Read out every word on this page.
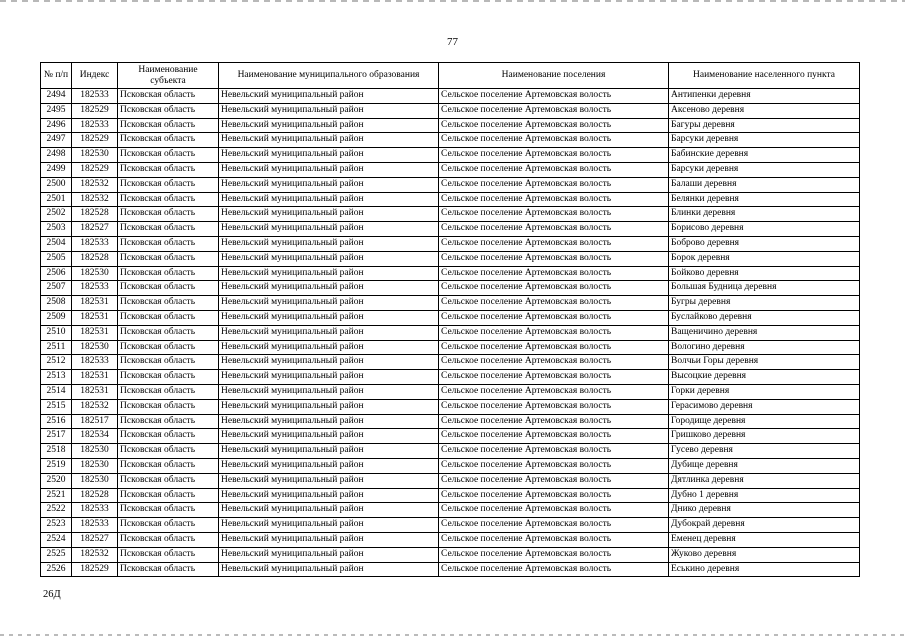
77
№ п/п	Индекс	Наименование субъекта	Наименование муниципального образования	Наименование поселения	Наименование населенного пункта
2494	182533	Псковская область	Невельский муниципальный район	Сельское поселение Артемовская волость	Антипенки деревня
2495	182529	Псковская область	Невельский муниципальный район	Сельское поселение Артемовская волость	Аксеново деревня
2496	182533	Псковская область	Невельский муниципальный район	Сельское поселение Артемовская волость	Багуры деревня
2497	182529	Псковская область	Невельский муниципальный район	Сельское поселение Артемовская волость	Барсуки деревня
2498	182530	Псковская область	Невельский муниципальный район	Сельское поселение Артемовская волость	Бабинские деревня
2499	182529	Псковская область	Невельский муниципальный район	Сельское поселение Артемовская волость	Барсуки деревня
2500	182532	Псковская область	Невельский муниципальный район	Сельское поселение Артемовская волость	Балаши деревня
2501	182532	Псковская область	Невельский муниципальный район	Сельское поселение Артемовская волость	Белянки деревня
2502	182528	Псковская область	Невельский муниципальный район	Сельское поселение Артемовская волость	Блинки деревня
2503	182527	Псковская область	Невельский муниципальный район	Сельское поселение Артемовская волость	Борисово деревня
2504	182533	Псковская область	Невельский муниципальный район	Сельское поселение Артемовская волость	Боброво деревня
2505	182528	Псковская область	Невельский муниципальный район	Сельское поселение Артемовская волость	Борок деревня
2506	182530	Псковская область	Невельский муниципальный район	Сельское поселение Артемовская волость	Бойково деревня
2507	182533	Псковская область	Невельский муниципальный район	Сельское поселение Артемовская волость	Большая Будница деревня
2508	182531	Псковская область	Невельский муниципальный район	Сельское поселение Артемовская волость	Бугры деревня
2509	182531	Псковская область	Невельский муниципальный район	Сельское поселение Артемовская волость	Буслайково деревня
2510	182531	Псковская область	Невельский муниципальный район	Сельское поселение Артемовская волость	Ващеничино деревня
2511	182530	Псковская область	Невельский муниципальный район	Сельское поселение Артемовская волость	Вологино деревня
2512	182533	Псковская область	Невельский муниципальный район	Сельское поселение Артемовская волость	Волчьи Горы деревня
2513	182531	Псковская область	Невельский муниципальный район	Сельское поселение Артемовская волость	Высоцкие деревня
2514	182531	Псковская область	Невельский муниципальный район	Сельское поселение Артемовская волость	Горки деревня
2515	182532	Псковская область	Невельский муниципальный район	Сельское поселение Артемовская волость	Герасимово деревня
2516	182517	Псковская область	Невельский муниципальный район	Сельское поселение Артемовская волость	Городище деревня
2517	182534	Псковская область	Невельский муниципальный район	Сельское поселение Артемовская волость	Гришково деревня
2518	182530	Псковская область	Невельский муниципальный район	Сельское поселение Артемовская волость	Гусево деревня
2519	182530	Псковская область	Невельский муниципальный район	Сельское поселение Артемовская волость	Дубище деревня
2520	182530	Псковская область	Невельский муниципальный район	Сельское поселение Артемовская волость	Дятлинка деревня
2521	182528	Псковская область	Невельский муниципальный район	Сельское поселение Артемовская волость	Дубно 1 деревня
2522	182533	Псковская область	Невельский муниципальный район	Сельское поселение Артемовская волость	Днико деревня
2523	182533	Псковская область	Невельский муниципальный район	Сельское поселение Артемовская волость	Дубокрай деревня
2524	182527	Псковская область	Невельский муниципальный район	Сельское поселение Артемовская волость	Еменец деревня
2525	182532	Псковская область	Невельский муниципальный район	Сельское поселение Артемовская волость	Жуково деревня
2526	182529	Псковская область	Невельский муниципальный район	Сельское поселение Артемовская волость	Еськино деревня
26Д
